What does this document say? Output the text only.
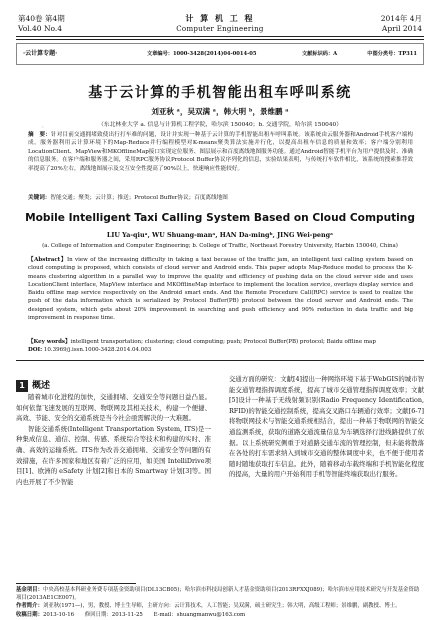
.
第40卷 第4期
Vol.40 No.4
计 算 机 工 程
Computer Engineering
2014年 4月
April 2014
·云计算专题·	文章编号：1000-3428(2014)04-0014-05	文献标识码：A	中图分类号：TP311
基于云计算的手机智能出租车呼叫系统
刘亚秋 ᵃ，吴双满 ᵃ，韩大明 ᵇ，景维鹏 ᵃ
（东北林业大学 a. 信息与计算机工程学院，哈尔滨 150040；b. 交通学院，哈尔滨 150040）
摘　要：针对目前交通拥堵致使出行打车难的问题，设计并实现一种基于云计算的手机智能出租车呼叫系统。该系统由云服务器和Android手机客户端构成。服务器利用云计算环境下的Map-Reduce并行编程模型对K-means聚类算法实施并行化，以提高出租车信息的质量和效率；客户端分别利用LocationClient、MapView和MKOfflineMap接口实现定位服务、图层展示和百度离线地图服务功能。通过Android智能手机平台为用户提供及时、准确的信息服务。在客户端和服务器之间，采用RPC服务协议Protocol Buffer协议序列化的信息，实验结果表明，与传统打车软件相比，该系统的搜索推荐效率提高了20%左右，离线地图展示及交互安全性提高了90%以上，快速响应性能较好。
关键词：智能交通；聚类；云计算；推送；Protocol Buffer协议；百度离线地图
Mobile Intelligent Taxi Calling System Based on Cloud Computing
LIU Ya-qiuᵃ, WU Shuang-manᵃ, HAN Da-mingᵇ, JING Wei-pengᵃ
(a. College of Information and Computer Engineering; b. College of Traffic, Northeast Forestry University, Harbin 150040, China)
【Abstract】In view of the increasing difficulty in taking a taxi because of the traffic jam, an intelligent taxi calling system based on cloud computing is proposed, which consists of cloud server and Android ends. This paper adopts Map-Reduce model to process the K-means clustering algorithm in a parallel way to improve the quality and efficiency of pushing data on the cloud server side and uses LocationClient interface, MapView interface and MKOfflineMap interface to implement the location service, overlays display service and Baidu offline map service respectively on the Android smart ends. And the Remote Procedure Call(RPC) service is used to realize the push of the data information which is serialized by Protocol Buffer(PB) protocol between the cloud server and Android ends. The designed system, which gets about 20% improvement in searching and push efficiency and 90% reduction in data traffic and big improvement in response time.
【Key words】intelligent transportation; clustering; cloud computing; push; Protocol Buffer(PB) protocol; Baidu offline map
DOI: 10.3969/j.issn.1000-3428.2014.04.003
1 概述

随着城市化进程的加快，交通拥堵、交通安全等问题日益凸显。如何依靠飞速发展的互联网、物联网及其相关技术，构建一个便捷、高效、节能、安全的交通系统是当今社会亟需解决的一大难题。

智能交通系统(Intelligent Transportation System, ITS)是一种集成信息、通信、控制、传感、系统综合等技术和构建的实时、准确、高效的运输系统。ITS作为改善交通拥堵、交通安全等问题的有效措施，在许多国家和地区有着广泛的应用，如美国 IntelliDrive项目[1]、欧洲的 eSafety 计划[2]和日本的 Smartway 计划[3]等。国内也开展了不少智能

交通方面的研究：文献[4]提出一种网络环境下基于WebGIS的城市智能交通管理指挥调度系统，提高了城市交通管理指挥调度效率；文献[5]设计一种基于无线射频识别(Radio Frequency Identification, RFID)的智能交通控制系统，提高交叉路口车辆通行效率；文献[6-7]将物联网技术与智能交通系统相结合，提出一种基于物联网的智能交通监测系统，获取的道路交通流量信息为车辆选择行进线路提供了依据。以上系统研究侧重于对道路交通车流的管理控制，但未能将散落在各处的打车需求纳入到城市交通的整体调度中来，也不便于使用者随时随地获取打车信息。此外，随着移动车载终端和手机智能化程度的提高，大量的用户开始利用手机等智能终端获取出行服务。

基金项目：中央高校基本科研业务费专项基金资助项目(DL13CB05)；哈尔滨市科技局创新人才基金资助项目(2013RFXXJ089)；哈尔滨市应用技术研究与开发基金资助项目(2013AE1CE007)。
作者简介：刘亚秋(1971—)，男，教授、博士生导师，主研方向：云计算技术，人工智能；吴双满，硕士研究生；韩大明，高级工程师；景维鹏，副教授、博士。
收稿日期：2013-10-16　　修回日期：2013-11-25　　E-mail：shuangmanwu@163.com
